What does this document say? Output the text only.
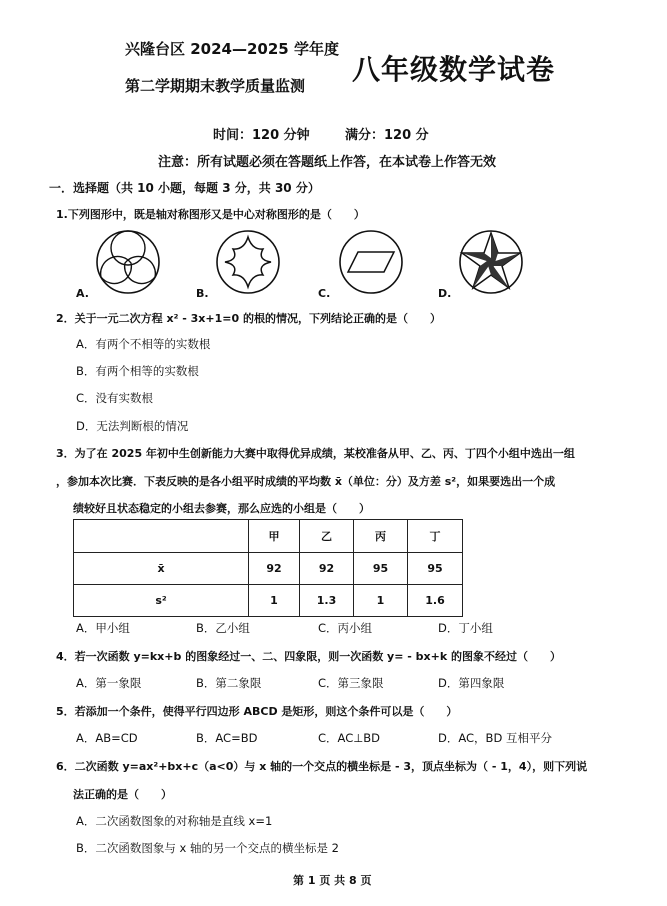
兴隆台区 2024—2025 学年度
第二学期期末教学质量监测 八年级数学试卷
时间：120 分钟	满分：120 分
注意：所有试题必须在答题纸上作答，在本试卷上作答无效
一．选择题（共 10 小题，每题 3 分，共 30 分）
1.下列图形中，既是轴对称图形又是中心对称图形的是（　　）
A.	B.	C.	D.
2．关于一元二次方程 x² - 3x+1=0 的根的情况，下列结论正确的是（　　）
A．有两个不相等的实数根
B．有两个相等的实数根
C．没有实数根
D．无法判断根的情况
3．为了在 2025 年初中生创新能力大赛中取得优异成绩，某校准备从甲、乙、丙、丁四个小组中选出一组
，参加本次比赛．下表反映的是各小组平时成绩的平均数 x̄（单位：分）及方差 s²，如果要选出一个成
绩较好且状态稳定的小组去参赛，那么应选的小组是（　　）
	甲	乙	丙	丁
x̄	92	92	95	95
s²	1	1.3	1	1.6
A．甲小组	B．乙小组	C．丙小组	D．丁小组
4．若一次函数 y=kx+b 的图象经过一、二、四象限，则一次函数 y= - bx+k 的图象不经过（　　）
A．第一象限	B．第二象限	C．第三象限	D．第四象限
5．若添加一个条件，使得平行四边形 ABCD 是矩形，则这个条件可以是（　　）
A．AB=CD	B．AC=BD	C．AC⊥BD	D．AC，BD 互相平分
6．二次函数 y=ax²+bx+c（a<0）与 x 轴的一个交点的横坐标是 - 3，顶点坐标为（ - 1，4），则下列说
法正确的是（　　）
A．二次函数图象的对称轴是直线 x=1
B．二次函数图象与 x 轴的另一个交点的横坐标是 2
第 1 页 共 8 页
